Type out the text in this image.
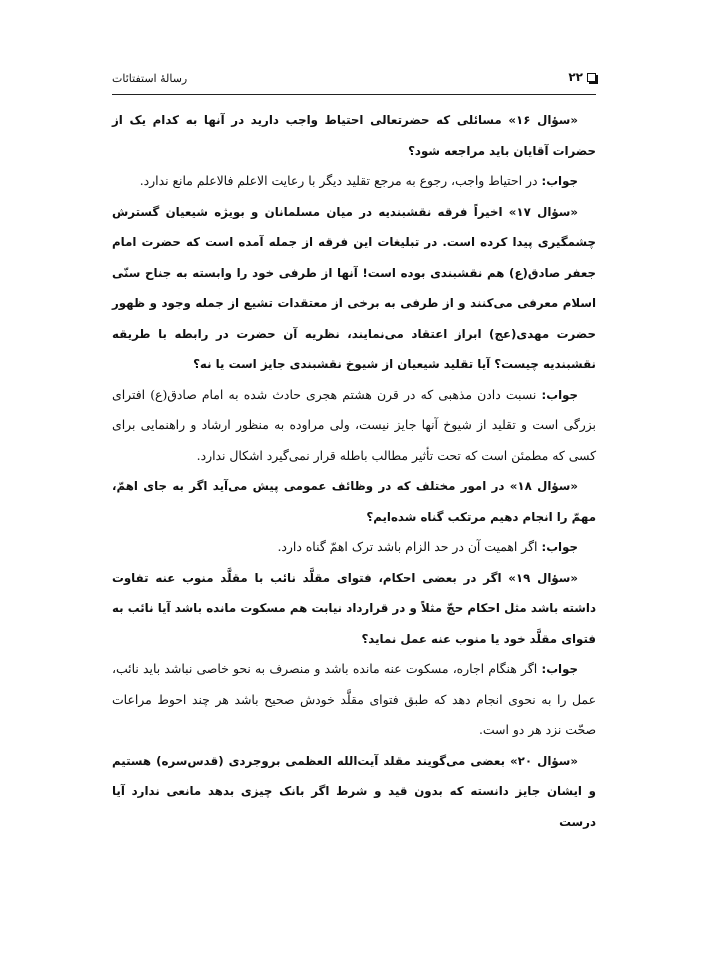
۲۲
رسالهٔ استفتائات

«سؤال ۱۶» مسائلی که حضرتعالی احتیاط واجب دارید در آنها به کدام یک از حضرات آقایان باید مراجعه شود؟

جواب: در احتیاط واجب، رجوع به مرجع تقلید دیگر با رعایت الاعلم فالاعلم مانع ندارد.

«سؤال ۱۷» اخیراً فرقه نقشبندیه در میان مسلمانان و بویژه شیعیان گسترش چشمگیری پیدا کرده است. در تبلیغات این فرقه از جمله آمده است که حضرت امام جعفر صادق(ع) هم نقشبندی بوده است! آنها از طرفی خود را وابسته به جناح سنّی اسلام معرفی می‌کنند و از طرفی به برخی از معتقدات تشیع از جمله وجود و ظهور حضرت مهدی(عج) ابراز اعتقاد می‌نمایند، نظریه آن حضرت در رابطه با طریقه نقشبندیه چیست؟ آیا تقلید شیعیان از شیوخ نقشبندی جایز است یا نه؟

جواب: نسبت دادن مذهبی که در قرن هشتم هجری حادث شده به امام صادق(ع) افترای بزرگی است و تقلید از شیوخ آنها جایز نیست، ولی مراوده به منظور ارشاد و راهنمایی برای کسی که مطمئن است که تحت تأثیر مطالب باطله قرار نمی‌گیرد اشکال ندارد.

«سؤال ۱۸» در امور مختلف که در وظائف عمومی پیش می‌آید اگر به جای اهمّ، مهمّ را انجام دهیم مرتکب گناه شده‌ایم؟

جواب: اگر اهمیت آن در حد الزام باشد ترک اهمّ گناه دارد.

«سؤال ۱۹» اگر در بعضی احکام، فتوای مقلَّد نائب با مقلَّد منوب عنه تفاوت داشته باشد مثل احکام حجّ مثلاً و در قرارداد نیابت هم مسکوت مانده باشد آیا نائب به فتوای مقلَّد خود یا منوب عنه عمل نماید؟

جواب: اگر هنگام اجاره، مسکوت عنه مانده باشد و منصرف به نحو خاصی نباشد باید نائب، عمل را به نحوی انجام دهد که طبق فتوای مقلَّد خودش صحیح باشد هر چند احوط مراعات صحّت نزد هر دو است.

«سؤال ۲۰» بعضی می‌گویند مقلد آیت‌الله العظمی بروجردی (قدس‌سره) هستیم و ایشان جایز دانسته که بدون قید و شرط اگر بانک چیزی بدهد مانعی ندارد آیا درست
